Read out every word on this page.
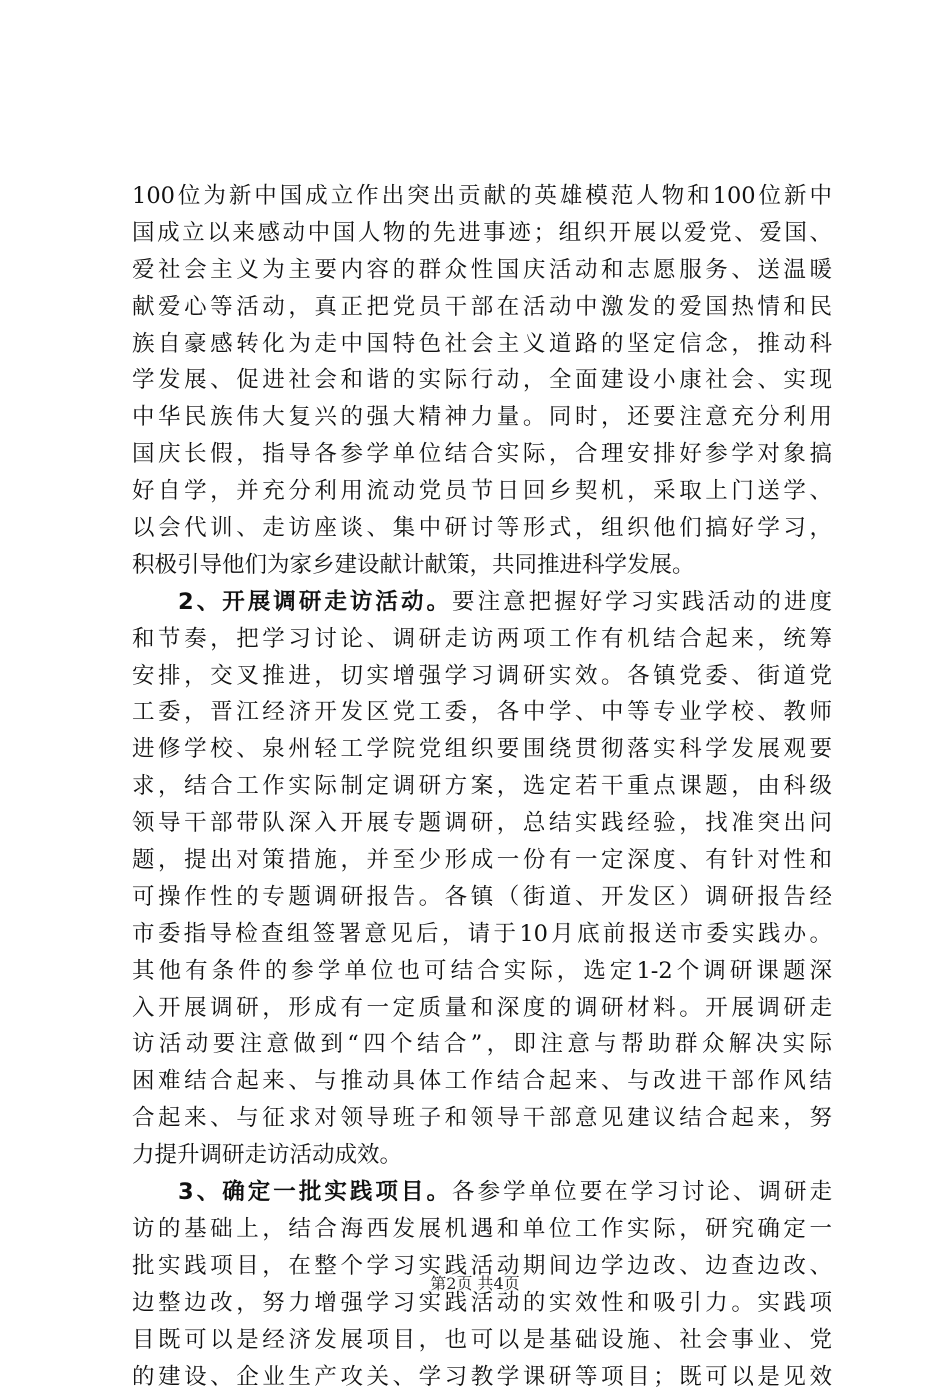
100位为新中国成立作出突出贡献的英雄模范人物和100位新中
国成立以来感动中国人物的先进事迹；组织开展以爱党、爱国、
爱社会主义为主要内容的群众性国庆活动和志愿服务、送温暖
献爱心等活动，真正把党员干部在活动中激发的爱国热情和民
族自豪感转化为走中国特色社会主义道路的坚定信念，推动科
学发展、促进社会和谐的实际行动，全面建设小康社会、实现
中华民族伟大复兴的强大精神力量。同时，还要注意充分利用
国庆长假，指导各参学单位结合实际，合理安排好参学对象搞
好自学，并充分利用流动党员节日回乡契机，采取上门送学、
以会代训、走访座谈、集中研讨等形式，组织他们搞好学习，
积极引导他们为家乡建设献计献策，共同推进科学发展。
2、开展调研走访活动。要注意把握好学习实践活动的进度
和节奏，把学习讨论、调研走访两项工作有机结合起来，统筹
安排，交叉推进，切实增强学习调研实效。各镇党委、街道党
工委，晋江经济开发区党工委，各中学、中等专业学校、教师
进修学校、泉州轻工学院党组织要围绕贯彻落实科学发展观要
求，结合工作实际制定调研方案，选定若干重点课题，由科级
领导干部带队深入开展专题调研，总结实践经验，找准突出问
题，提出对策措施，并至少形成一份有一定深度、有针对性和
可操作性的专题调研报告。各镇（街道、开发区）调研报告经
市委指导检查组签署意见后，请于10月底前报送市委实践办。
其他有条件的参学单位也可结合实际，选定1-2个调研课题深
入开展调研，形成有一定质量和深度的调研材料。开展调研走
访活动要注意做到“四个结合”，即注意与帮助群众解决实际
困难结合起来、与推动具体工作结合起来、与改进干部作风结
合起来、与征求对领导班子和领导干部意见建议结合起来，努
力提升调研走访活动成效。
3、确定一批实践项目。各参学单位要在学习讨论、调研走
访的基础上，结合海西发展机遇和单位工作实际，研究确定一
批实践项目，在整个学习实践活动期间边学边改、边查边改、
边整边改，努力增强学习实践活动的实效性和吸引力。实践项
目既可以是经济发展项目，也可以是基础设施、社会事业、党
的建设、企业生产攻关、学习教学课研等项目；既可以是见效
第2页 共4页
